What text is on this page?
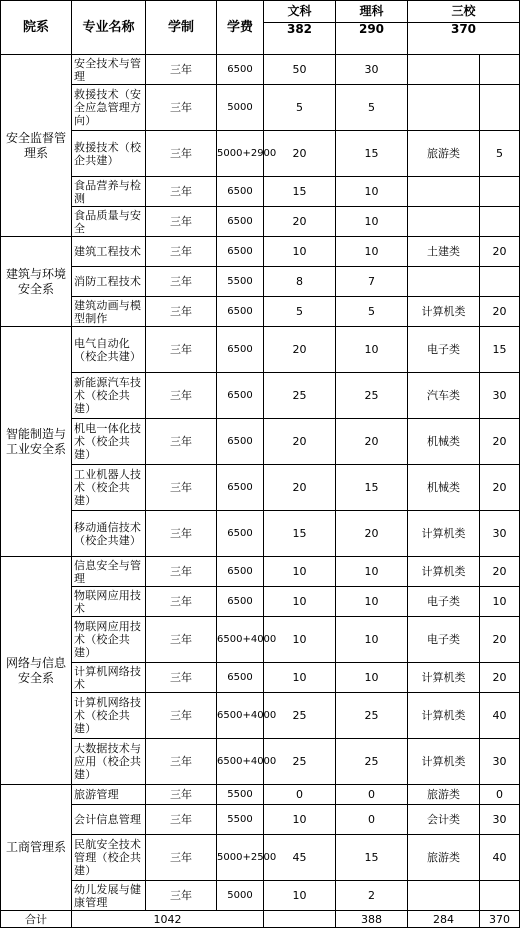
院系	专业名称	学制	学费	文科	理科	三校	
				382	290	370	
安全监督管理系	安全技术与管理	三年	6500	50	30		
	救援技术（安全应急管理方向）	三年	5000	5	5		
	救援技术（校企共建）	三年	5000+2900	20	15	旅游类	5
	食品营养与检测	三年	6500	15	10		
	食品质量与安全	三年	6500	20	10		
建筑与环境安全系	建筑工程技术	三年	6500	10	10	土建类	20
	消防工程技术	三年	5500	8	7		
	建筑动画与模型制作	三年	6500	5	5	计算机类	20
智能制造与工业安全系	电气自动化（校企共建）	三年	6500	20	10	电子类	15
	新能源汽车技术（校企共建）	三年	6500	25	25	汽车类	30
	机电一体化技术（校企共建）	三年	6500	20	20	机械类	20
	工业机器人技术（校企共建）	三年	6500	20	15	机械类	20
	移动通信技术（校企共建）	三年	6500	15	20	计算机类	30
网络与信息安全系	信息安全与管理	三年	6500	10	10	计算机类	20
	物联网应用技术	三年	6500	10	10	电子类	10
	物联网应用技术（校企共建）	三年	6500+4000	10	10	电子类	20
	计算机网络技术	三年	6500	10	10	计算机类	20
	计算机网络技术（校企共建）	三年	6500+4000	25	25	计算机类	40
	大数据技术与应用（校企共建）	三年	6500+4000	25	25	计算机类	30
工商管理系	旅游管理	三年	5500	0	0	旅游类	0
	会计信息管理	三年	5500	10	0	会计类	30
	民航安全技术管理（校企共建）	三年	5000+2500	45	15	旅游类	40
	幼儿发展与健康管理	三年	5000	10	2		
合计	1042				388	284	370
